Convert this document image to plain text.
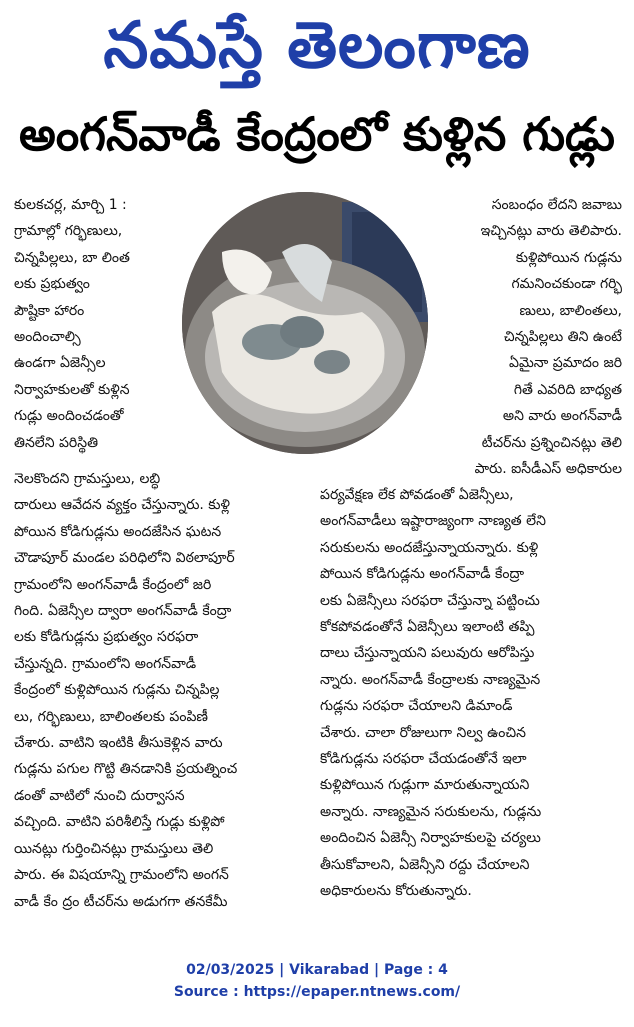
నమస్తే తెలంగాణ
అంగన్‌వాడీ కేంద్రంలో కుళ్లిన గుడ్లు
కులకచర్ల, మార్చి 1 :
గ్రామాల్లో గర్భిణులు,
చిన్నపిల్లలు, బా లింత
లకు ప్రభుత్వం
పౌష్టికా హారం
అందించాల్సి
ఉండగా ఏజెన్సీల
నిర్వాహకులతో కుళ్లిన
గుడ్లు అందించడంతో
తినలేని పరిస్థితి
సంబంధం లేదని జవాబు
ఇచ్చినట్లు వారు తెలిపారు.
కుళ్లిపోయిన గుడ్లను
గమనించకుండా గర్భి
ణులు, బాలింతలు,
చిన్నపిల్లలు తిని ఉంటే
ఏమైనా ప్రమాదం జరి
గితే ఎవరిది బాధ్యత
అని వారు అంగన్‌వాడీ
టీచర్‌ను ప్రశ్నించినట్లు తెలి
పారు. ఐసీడీఎస్‌ అధికారుల
నెలకొందని గ్రామస్తులు, లబ్ధి
దారులు ఆవేదన వ్యక్తం చేస్తున్నారు. కుళ్లి
పోయిన కోడిగుడ్లను అందజేసిన ఘటన
చౌడాపూర్‌ మండల పరిధిలోని విఠలాపూర్‌
గ్రామంలోని అంగన్‌వాడీ కేంద్రంలో జరి
గింది. ఏజెన్సీల ద్వారా అంగన్‌వాడీ కేంద్రా
లకు కోడిగుడ్లను ప్రభుత్వం సరఫరా
చేస్తున్నది. గ్రామంలోని అంగన్‌వాడీ
కేంద్రంలో కుళ్లిపోయిన గుడ్లను చిన్నపిల్ల
లు, గర్భిణులు, బాలింతలకు పంపిణీ
చేశారు. వాటిని ఇంటికి తీసుకెళ్లిన వారు
గుడ్లను పగుల గొట్టి తినడానికి ప్రయత్నించ
డంతో వాటిలో నుంచి దుర్వాసన
వచ్చింది. వాటిని పరిశీలిస్తే గుడ్లు కుళ్లిపో
యినట్లు గుర్తించినట్లు గ్రామస్తులు తెలి
పారు. ఈ విషయాన్ని గ్రామంలోని అంగన్‌
వాడీ కేం ద్రం టీచర్‌ను అడుగగా తనకేమీ
పర్యవేక్షణ లేక పోవడంతో ఏజెన్సీలు,
అంగన్‌వాడీలు ఇష్టారాజ్యంగా నాణ్యత లేని
సరుకులను అందజేస్తున్నాయన్నారు. కుళ్లి
పోయిన కోడిగుడ్లను అంగన్‌వాడీ కేంద్రా
లకు ఏజెన్సీలు సరఫరా చేస్తున్నా పట్టించు
కోకపోవడంతోనే ఏజెన్సీలు ఇలాంటి తప్పి
దాలు చేస్తున్నాయని పలువురు ఆరోపిస్తు
న్నారు. అంగన్‌వాడీ కేంద్రాలకు నాణ్యమైన
గుడ్లను సరఫరా చేయాలని డిమాండ్‌
చేశారు. చాలా రోజులుగా నిల్వ ఉంచిన
కోడిగుడ్లను సరఫరా చేయడంతోనే ఇలా
కుళ్లిపోయిన గుడ్లుగా మారుతున్నాయని
అన్నారు. నాణ్యమైన సరుకులను, గుడ్లను
అందించిన ఏజెన్సీ నిర్వాహకులపై చర్యలు
తీసుకోవాలని, ఏజెన్సీని రద్దు చేయాలని
అధికారులను కోరుతున్నారు.
02/03/2025 | Vikarabad | Page : 4
Source : https://epaper.ntnews.com/
